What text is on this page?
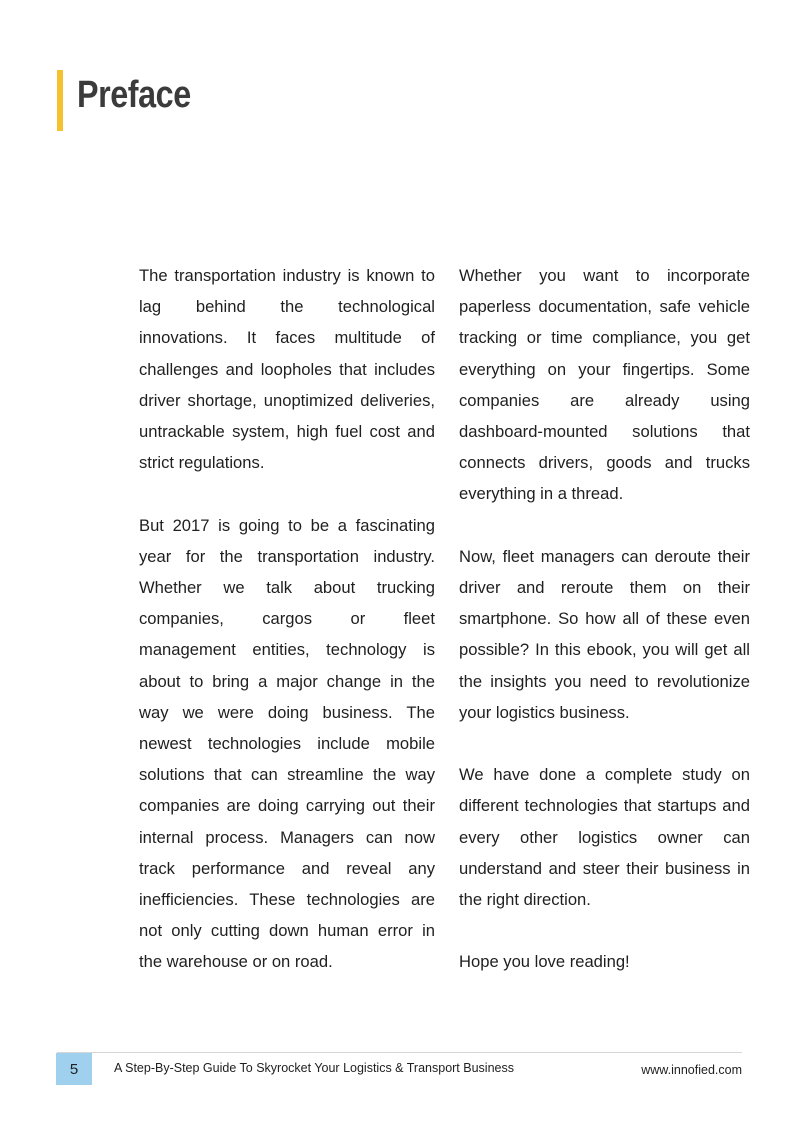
Preface

The transportation industry is known to lag behind the technological innovations. It faces multitude of challenges and loopholes that includes driver shortage, unoptimized deliveries, untrackable system, high fuel cost and strict regulations.

But 2017 is going to be a fascinating year for the transportation industry. Whether we talk about trucking companies, cargos or fleet management entities, technology is about to bring a major change in the way we were doing business. The newest technologies include mobile solutions that can streamline the way companies are doing carrying out their internal process. Managers can now track performance and reveal any inefficiencies. These technologies are not only cutting down human error in the warehouse or on road.

Whether you want to incorporate paperless documentation, safe vehicle tracking or time compliance, you get everything on your fingertips. Some companies are already using dashboard-mounted solutions that connects drivers, goods and trucks everything in a thread.

Now, fleet managers can deroute their driver and reroute them on their smartphone. So how all of these even possible? In this ebook, you will get all the insights you need to revolutionize your logistics business.

We have done a complete study on different technologies that startups and every other logistics owner can understand and steer their business in the right direction.

Hope you love reading!

5	A Step-By-Step Guide To Skyrocket Your Logistics & Transport Business	www.innofied.com
